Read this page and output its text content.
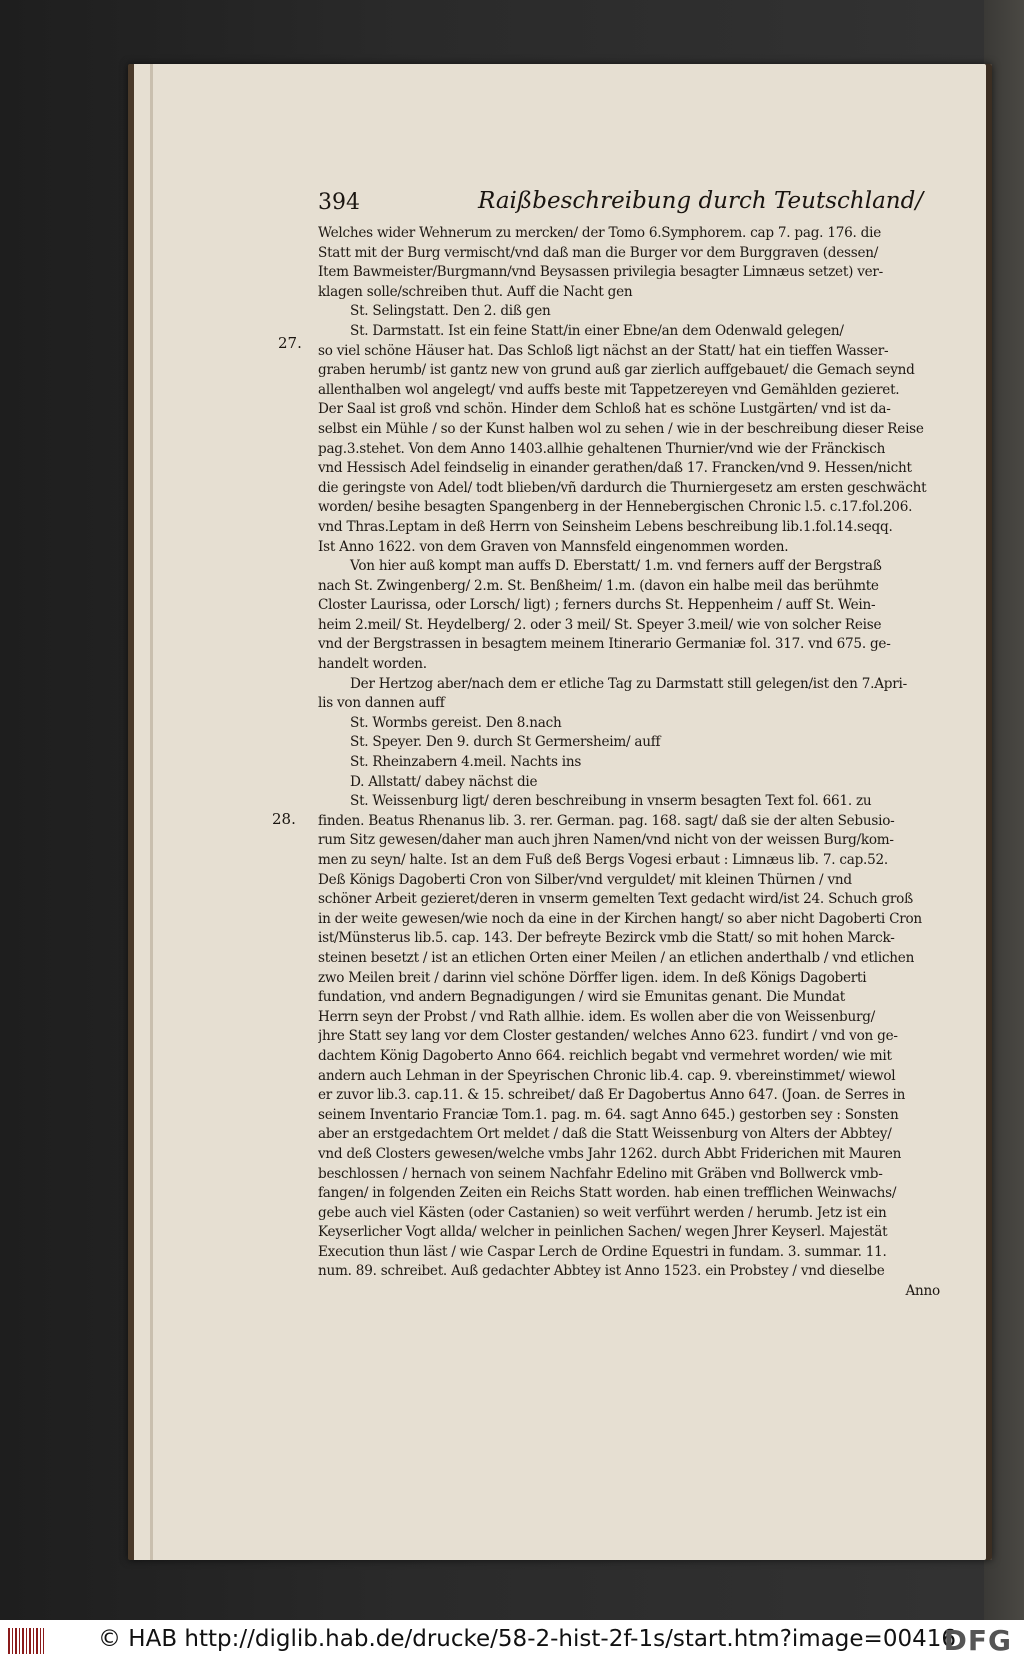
394	Raißbeschreibung durch Teutschland/
27.
28.
Welches wider Wehnerum zu mercken/ der Tomo 6.Symphorem. cap 7. pag. 176. die
Statt mit der Burg vermischt/vnd daß man die Burger vor dem Burggraven (dessen/
Item Bawmeister/Burgmann/vnd Beysassen privilegia besagter Limnæus setzet) ver-
klagen solle/schreiben thut. Auff die Nacht gen
St. Selingstatt. Den 2. diß gen
St. Darmstatt. Ist ein feine Statt/in einer Ebne/an dem Odenwald gelegen/
so viel schöne Häuser hat. Das Schloß ligt nächst an der Statt/ hat ein tieffen Wasser-
graben herumb/ ist gantz new von grund auß gar zierlich auffgebauet/ die Gemach seynd
allenthalben wol angelegt/ vnd auffs beste mit Tappetzereyen vnd Gemählden gezieret.
Der Saal ist groß vnd schön. Hinder dem Schloß hat es schöne Lustgärten/ vnd ist da-
selbst ein Mühle / so der Kunst halben wol zu sehen / wie in der beschreibung dieser Reise
pag.3.stehet. Von dem Anno 1403.allhie gehaltenen Thurnier/vnd wie der Fränckisch
vnd Hessisch Adel feindselig in einander gerathen/daß 17. Francken/vnd 9. Hessen/nicht
die geringste von Adel/ todt blieben/vñ dardurch die Thurniergesetz am ersten geschwächt
worden/ besihe besagten Spangenberg in der Hennebergischen Chronic l.5. c.17.fol.206.
vnd Thras.Leptam in deß Herrn von Seinsheim Lebens beschreibung lib.1.fol.14.seqq.
Ist Anno 1622. von dem Graven von Mannsfeld eingenommen worden.
Von hier auß kompt man auffs D. Eberstatt/ 1.m. vnd ferners auff der Bergstraß
nach St. Zwingenberg/ 2.m. St. Benßheim/ 1.m. (davon ein halbe meil das berühmte
Closter Laurissa, oder Lorsch/ ligt) ; ferners durchs St. Heppenheim / auff St. Wein-
heim 2.meil/ St. Heydelberg/ 2. oder 3 meil/ St. Speyer 3.meil/ wie von solcher Reise
vnd der Bergstrassen in besagtem meinem Itinerario Germaniæ fol. 317. vnd 675. ge-
handelt worden.
Der Hertzog aber/nach dem er etliche Tag zu Darmstatt still gelegen/ist den 7.Apri-
lis von dannen auff
St. Wormbs gereist. Den 8.nach
St. Speyer. Den 9. durch St Germersheim/ auff
St. Rheinzabern 4.meil. Nachts ins
D. Allstatt/ dabey nächst die
St. Weissenburg ligt/ deren beschreibung in vnserm besagten Text fol. 661. zu
finden. Beatus Rhenanus lib. 3. rer. German. pag. 168. sagt/ daß sie der alten Sebusio-
rum Sitz gewesen/daher man auch jhren Namen/vnd nicht von der weissen Burg/kom-
men zu seyn/ halte. Ist an dem Fuß deß Bergs Vogesi erbaut : Limnæus lib. 7. cap.52.
Deß Königs Dagoberti Cron von Silber/vnd verguldet/ mit kleinen Thürnen / vnd
schöner Arbeit gezieret/deren in vnserm gemelten Text gedacht wird/ist 24. Schuch groß
in der weite gewesen/wie noch da eine in der Kirchen hangt/ so aber nicht Dagoberti Cron
ist/Münsterus lib.5. cap. 143. Der befreyte Bezirck vmb die Statt/ so mit hohen Marck-
steinen besetzt / ist an etlichen Orten einer Meilen / an etlichen anderthalb / vnd etlichen
zwo Meilen breit / darinn viel schöne Dörffer ligen. idem. In deß Königs Dagoberti
fundation, vnd andern Begnadigungen / wird sie Emunitas genant. Die Mundat
Herrn seyn der Probst / vnd Rath allhie. idem. Es wollen aber die von Weissenburg/
jhre Statt sey lang vor dem Closter gestanden/ welches Anno 623. fundirt / vnd von ge-
dachtem König Dagoberto Anno 664. reichlich begabt vnd vermehret worden/ wie mit
andern auch Lehman in der Speyrischen Chronic lib.4. cap. 9. vbereinstimmet/ wiewol
er zuvor lib.3. cap.11. & 15. schreibet/ daß Er Dagobertus Anno 647. (Joan. de Serres in
seinem Inventario Franciæ Tom.1. pag. m. 64. sagt Anno 645.) gestorben sey : Sonsten
aber an erstgedachtem Ort meldet / daß die Statt Weissenburg von Alters der Abbtey/
vnd deß Closters gewesen/welche vmbs Jahr 1262. durch Abbt Friderichen mit Mauren
beschlossen / hernach von seinem Nachfahr Edelino mit Gräben vnd Bollwerck vmb-
fangen/ in folgenden Zeiten ein Reichs Statt worden. hab einen trefflichen Weinwachs/
gebe auch viel Kästen (oder Castanien) so weit verführt werden / herumb. Jetz ist ein
Keyserlicher Vogt allda/ welcher in peinlichen Sachen/ wegen Jhrer Keyserl. Majestät
Execution thun läst / wie Caspar Lerch de Ordine Equestri in fundam. 3. summar. 11.
num. 89. schreibet. Auß gedachter Abbtey ist Anno 1523. ein Probstey / vnd dieselbe
Anno
© HAB http://diglib.hab.de/drucke/58-2-hist-2f-1s/start.htm?image=00416
DFG
